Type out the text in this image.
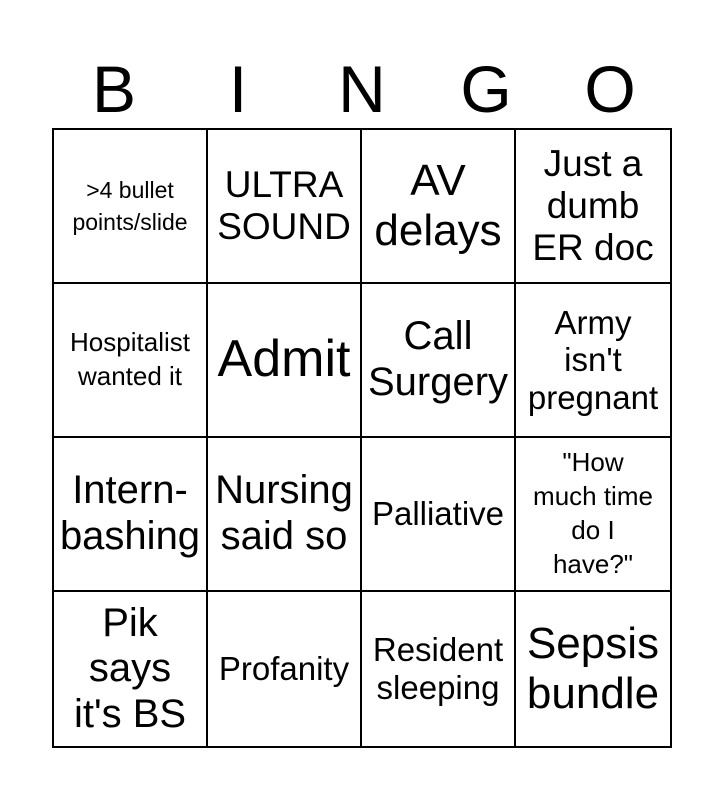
B	I	N	G	O
>4 bullet
points/slide
ULTRA
SOUND
AV
delays
Just a
dumb
ER doc
Hospitalist
wanted it Admit	Call
Surgery
Army
isn't
pregnant
Intern-
bashing
Nursing
said so
Palliative
"How
much time
do I
have?"
Pik
says
it's BS
Profanity
Resident
sleeping
Sepsis
bundle
